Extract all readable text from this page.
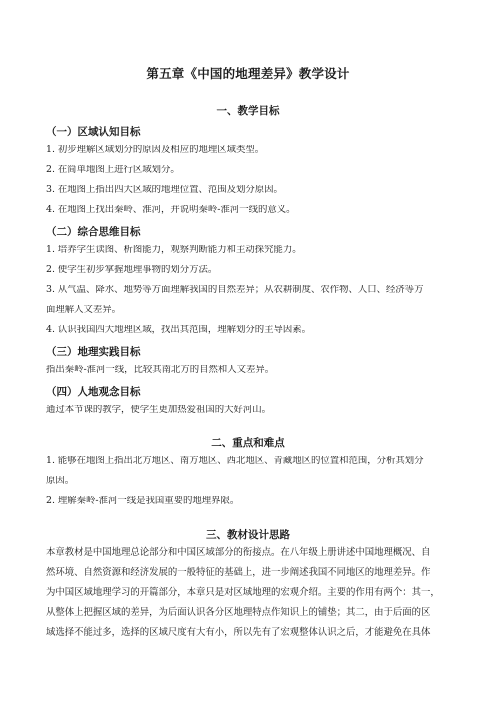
第五章《中国的地理差异》教学设计
一、教学目标
（一）区域认知目标
1. 初步理解区域划分的原因及相应的地理区域类型。
2. 在简单地图上进行区域划分。
3. 在地图上指出四大区域的地理位置、范围及划分原因。
4. 在地图上找出秦岭、淮河，并说明秦岭-淮河一线的意义。
（二）综合思维目标
1. 培养学生读图、析图能力，观察判断能力和主动探究能力。
2. 使学生初步掌握地理事物的划分方法。
3. 从气温、降水、地势等方面理解我国的自然差异；从农耕制度、农作物、人口、经济等方
面理解人文差异。
4. 认识我国四大地理区域，找出其范围，理解划分的主导因素。
（三）地理实践目标
指出秦岭-淮河一线，比较其南北方的自然和人文差异。
（四）人地观念目标
通过本节课的教学，使学生更加热爱祖国的大好河山。
二、重点和难点
1. 能够在地图上指出北方地区、南方地区、西北地区、青藏地区的位置和范围，分析其划分
原因。
2. 理解秦岭-淮河一线是我国重要的地理界限。
三、教材设计思路
本章教材是中国地理总论部分和中国区域部分的衔接点。在八年级上册讲述中国地理概况、自
然环境、自然资源和经济发展的一般特征的基础上，进一步阐述我国不同地区的地理差异。作
为中国区域地理学习的开篇部分，本章只是对区域地理的宏观介绍。主要的作用有两个：其一，
从整体上把握区域的差异，为后面认识各分区地理特点作知识上的铺垫；其二，由于后面的区
域选择不能过多，选择的区域尺度有大有小，所以先有了宏观整体认识之后，才能避免在具体
